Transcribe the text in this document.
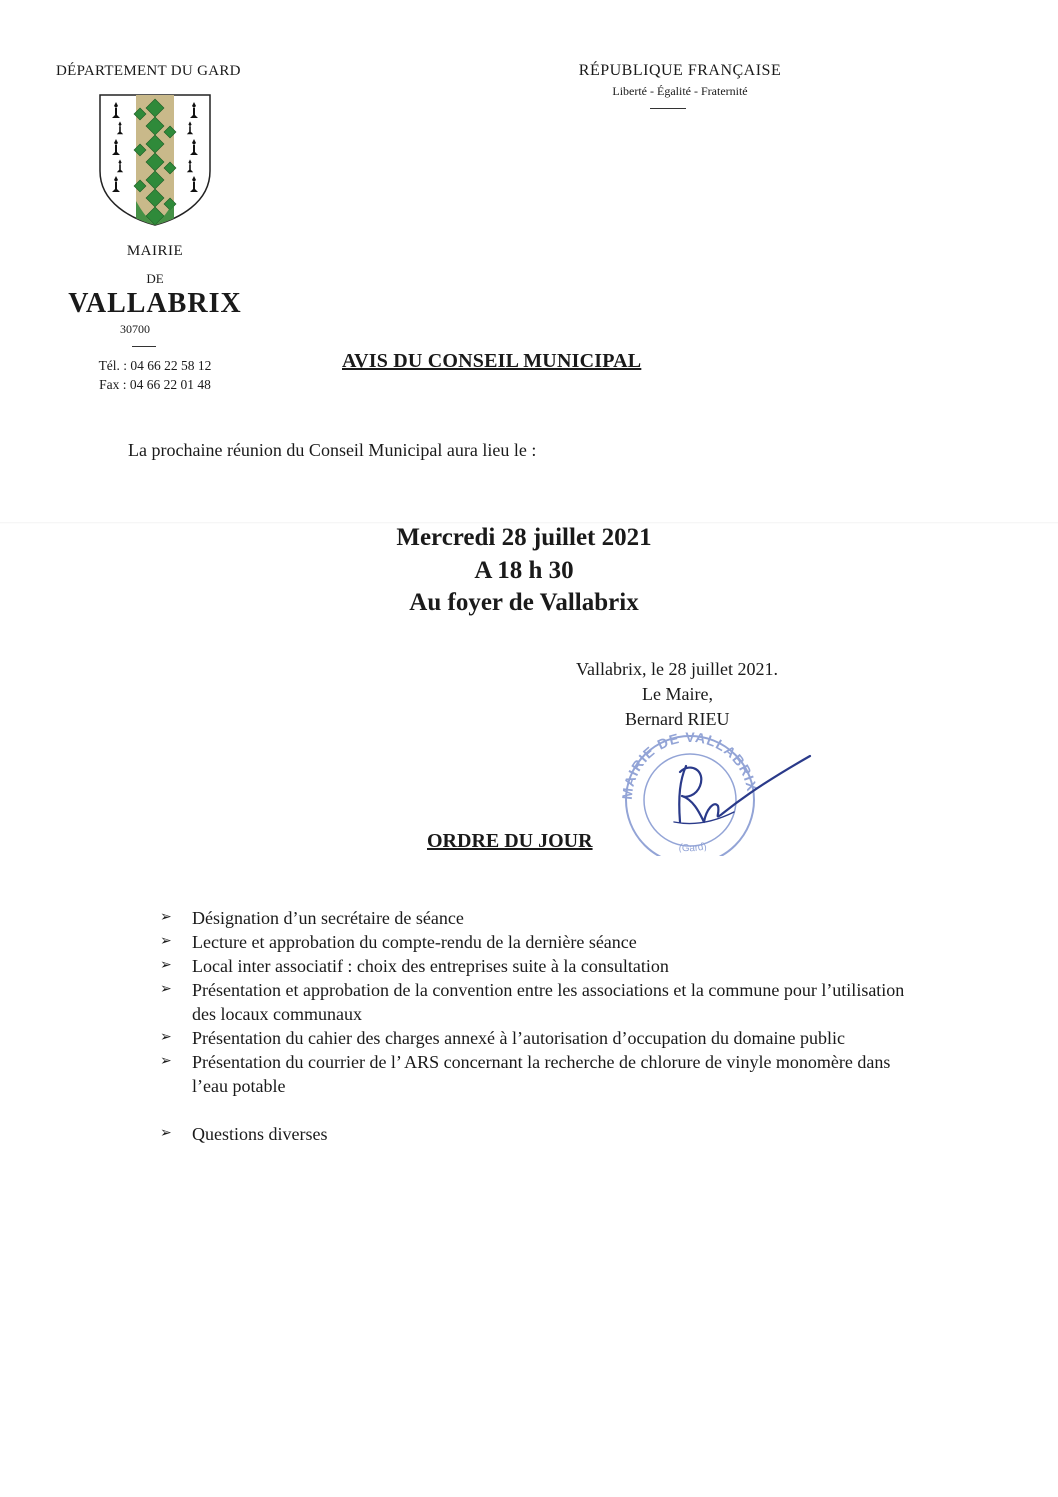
DÉPARTEMENT DU GARD	RÉPUBLIQUE FRANÇAISE
Liberté - Égalité - Fraternité
MAIRIE
DE
VALLABRIX
30700
Tél. : 04 66 22 58 12
Fax : 04 66 22 01 48
AVIS DU CONSEIL MUNICIPAL
La prochaine réunion du Conseil Municipal aura lieu le :
Mercredi 28 juillet 2021
A 18 h 30
Au foyer de Vallabrix
Vallabrix, le 28 juillet 2021.
Le Maire,
Bernard RIEU
MAIRIE DE VALLABRIX
(Gard)
ORDRE DU JOUR
➢ Désignation d’un secrétaire de séance
➢ Lecture et approbation du compte-rendu de la dernière séance
➢ Local inter associatif : choix des entreprises suite à la consultation
➢ Présentation et approbation de la convention entre les associations et la commune pour l’utilisation des locaux communaux
➢ Présentation du cahier des charges annexé à l’autorisation d’occupation du domaine public
➢ Présentation du courrier de l’ ARS concernant la recherche de chlorure de vinyle monomère dans l’eau potable
➢ Questions diverses
